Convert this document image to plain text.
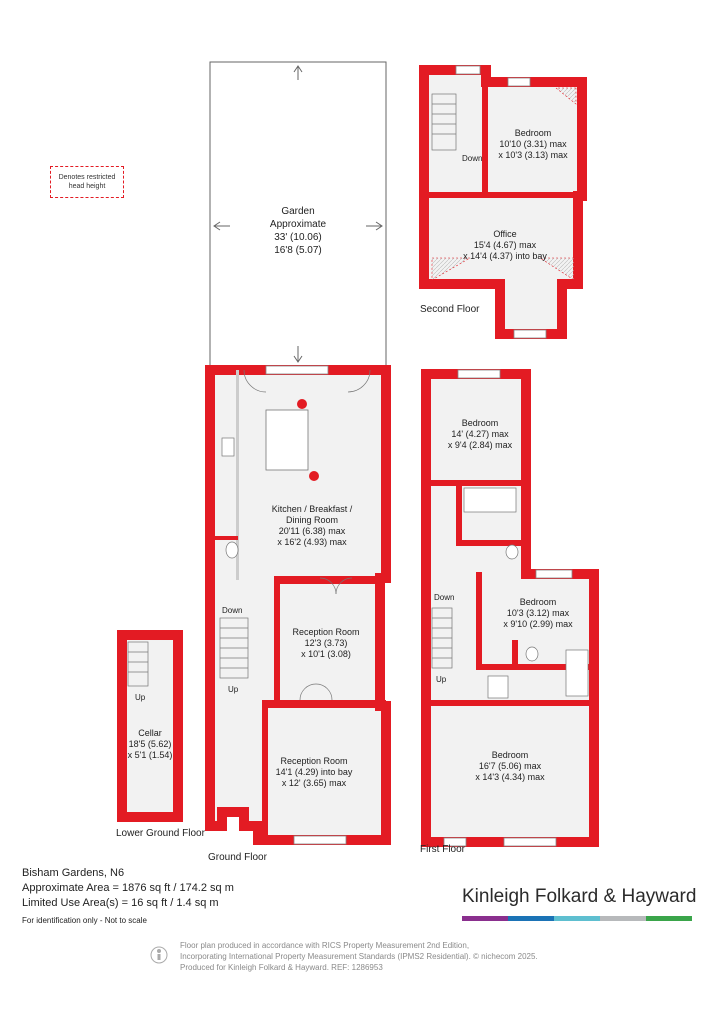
Denotes restricted
head height
Garden
Approximate
33' (10.06)
16'8 (5.07)
Kitchen / Breakfast /
Dining Room
20'11 (6.38) max
x 16'2 (4.93) max
Reception Room
12'3 (3.73)
x 10'1 (3.08)
Reception Room
14'1 (4.29) into bay
x 12' (3.65) max
Down
Up
Ground Floor
Up
Cellar
18'5 (5.62)
x 5'1 (1.54)
Lower Ground Floor
Bedroom
14' (4.27) max
x 9'4 (2.84) max
Bedroom
10'3 (3.12) max
x 9'10 (2.99) max
Bedroom
16'7 (5.06) max
x 14'3 (4.34) max
Down
Up
First Floor
Bedroom
10'10 (3.31) max
x 10'3 (3.13) max
Office
15'4 (4.67) max
x 14'4 (4.37) into bay
Down
Second Floor
Bisham Gardens, N6
Approximate Area = 1876 sq ft / 174.2 sq m
Limited Use Area(s) = 16 sq ft / 1.4 sq m
For identification only - Not to scale
Kinleigh Folkard & Hayward
Floor plan produced in accordance with RICS Property Measurement 2nd Edition,
Incorporating International Property Measurement Standards (IPMS2 Residential). © nichecom 2025.
Produced for Kinleigh Folkard & Hayward. REF: 1286953
